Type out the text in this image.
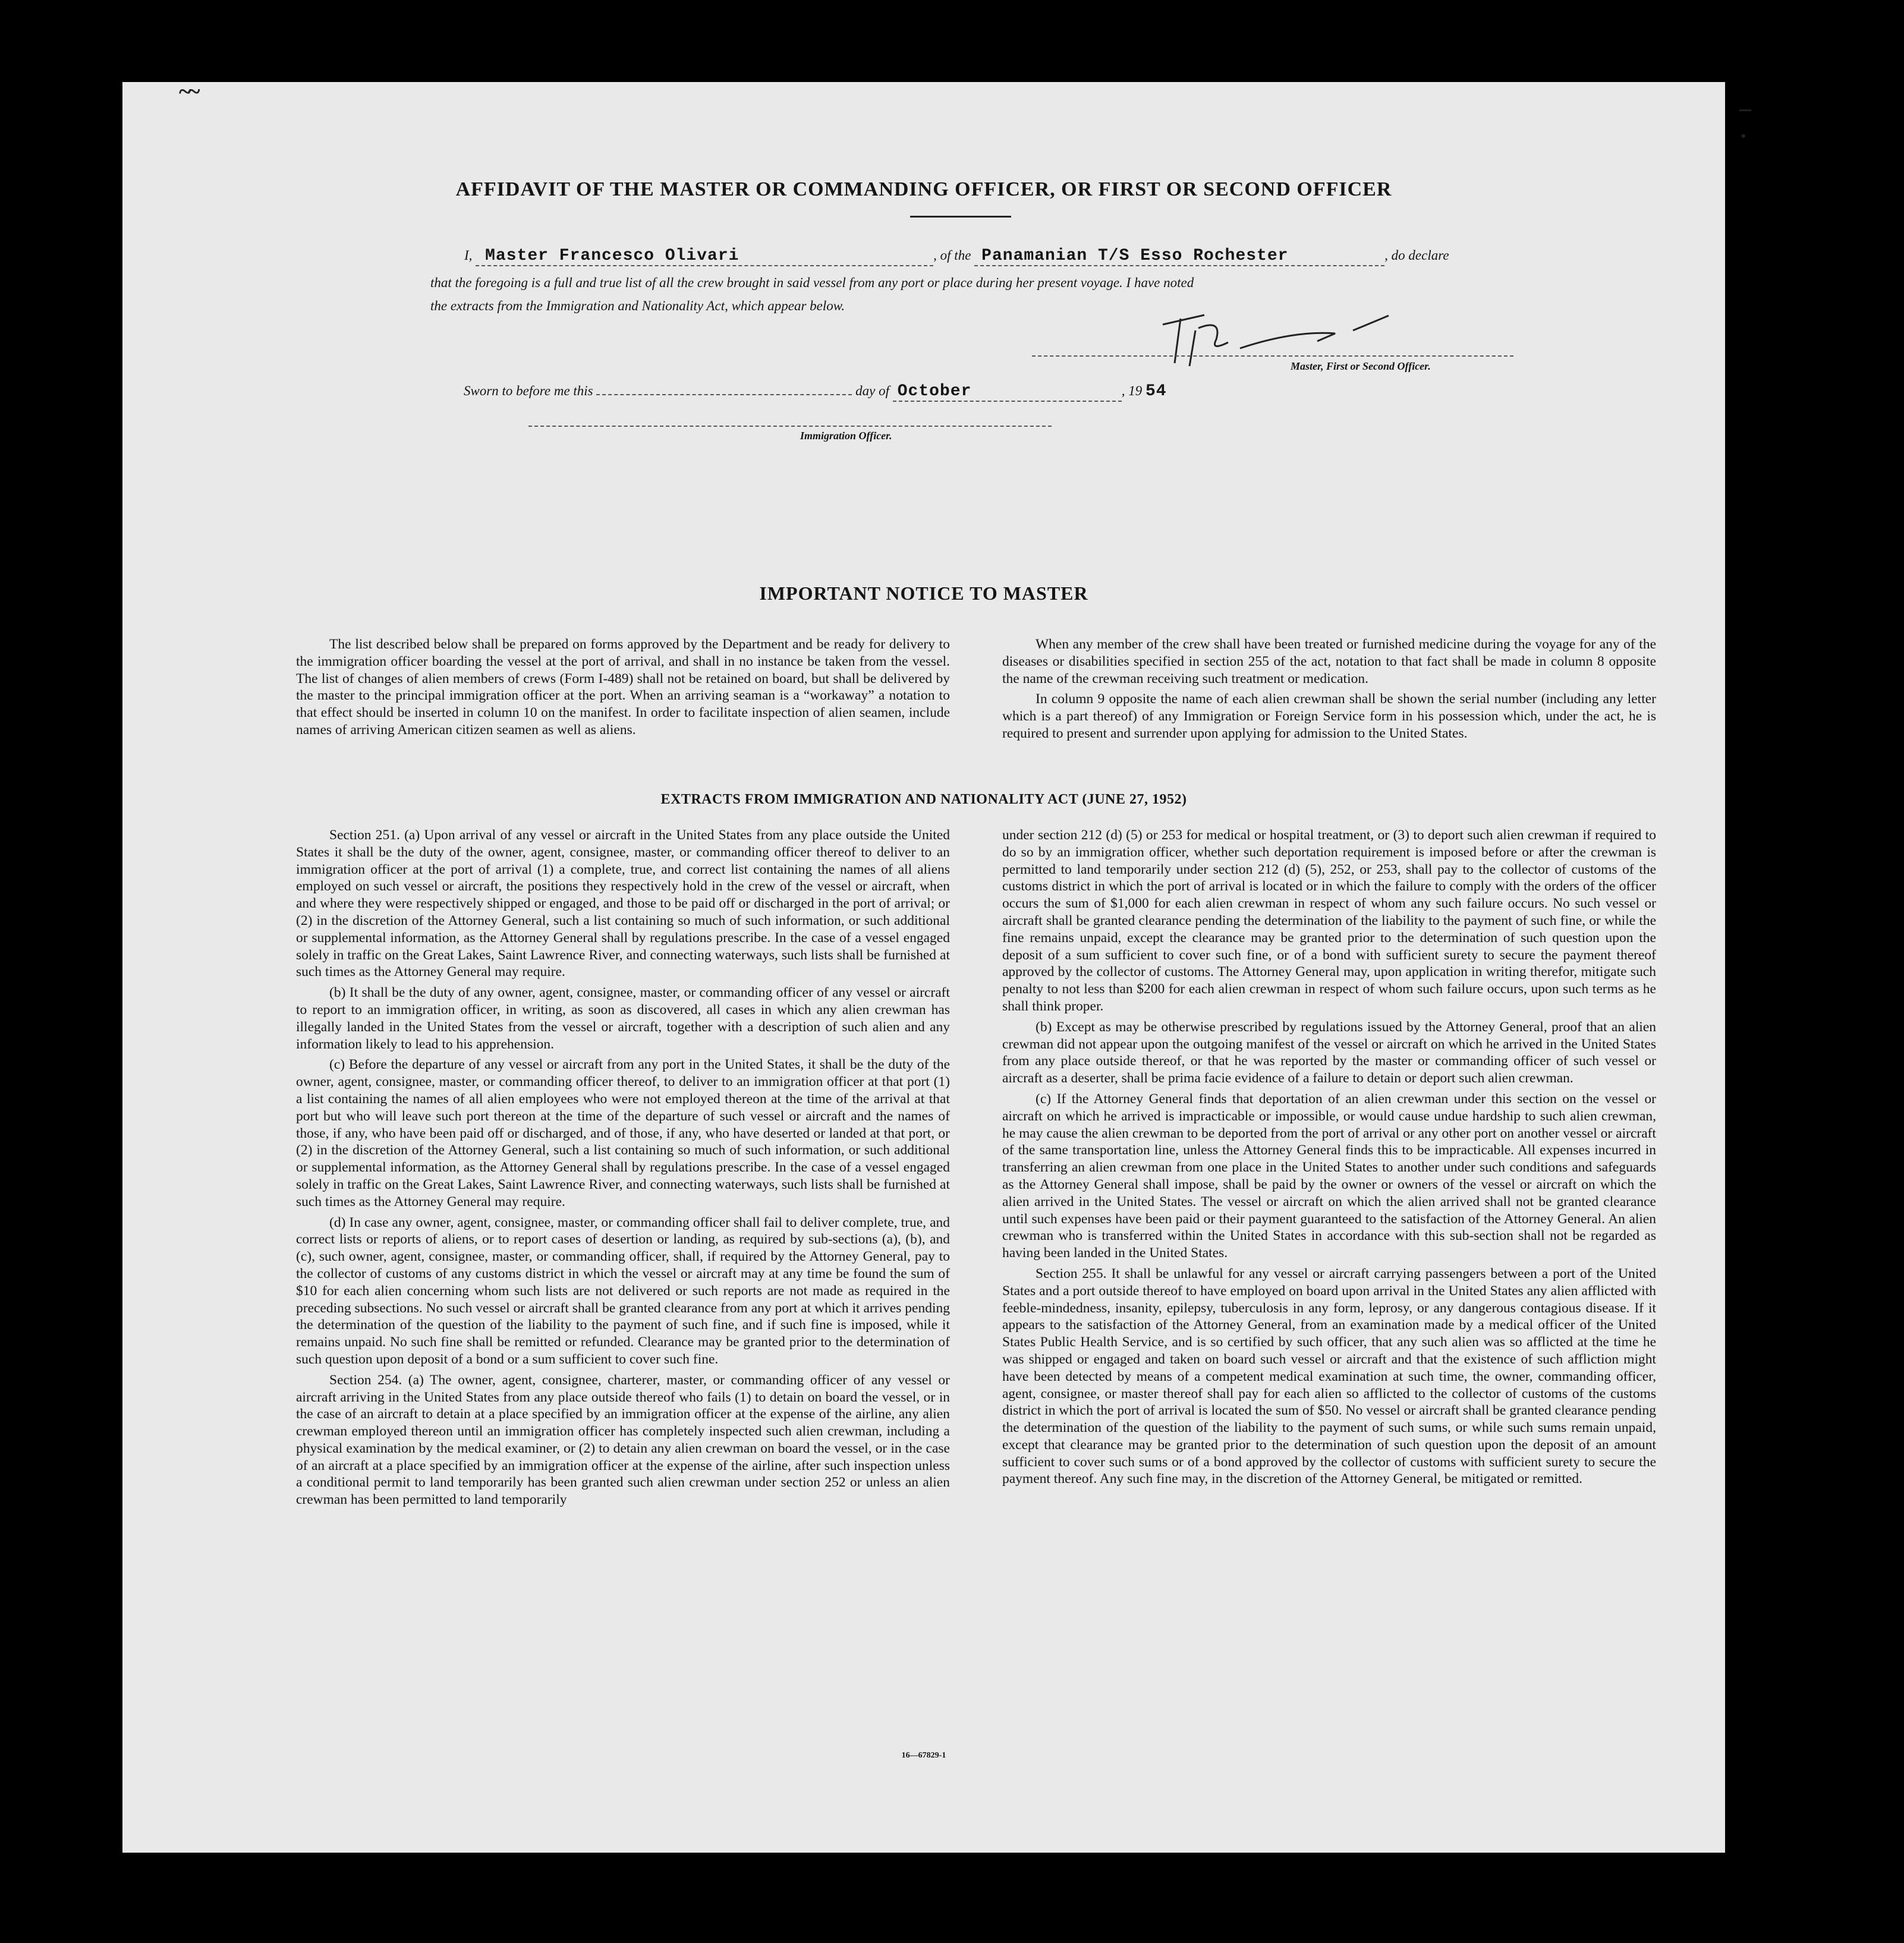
~~
–·
AFFIDAVIT OF THE MASTER OR COMMANDING OFFICER, OR FIRST OR SECOND OFFICER
I, Master Francesco Olivari	, of the Panamanian T/S Esso Rochester	, do declare
that the foregoing is a full and true list of all the crew brought in said vessel from any port or place during her present voyage. I have noted
the extracts from the Immigration and Nationality Act, which appear below.
Master, First or Second Officer.
Sworn to before me this	day of October	, 19 54
Immigration Officer.
IMPORTANT NOTICE TO MASTER

The list described below shall be prepared on forms approved by the Department and be ready for delivery to the immigration officer boarding the vessel at the port of arrival, and shall in no instance be taken from the vessel. The list of changes of alien members of crews (Form I-489) shall not be retained on board, but shall be delivered by the master to the principal immigration officer at the port. When an arriving seaman is a “workaway” a notation to that effect should be inserted in column 10 on the manifest. In order to facilitate inspection of alien seamen, include names of arriving American citizen seamen as well as aliens.

When any member of the crew shall have been treated or furnished medicine during the voyage for any of the diseases or disabilities specified in section 255 of the act, notation to that fact shall be made in column 8 opposite the name of the crewman receiving such treatment or medication.

In column 9 opposite the name of each alien crewman shall be shown the serial number (including any letter which is a part thereof) of any Immigration or Foreign Service form in his possession which, under the act, he is required to present and surrender upon applying for admission to the United States.

EXTRACTS FROM IMMIGRATION AND NATIONALITY ACT (JUNE 27, 1952)

Section 251. (a) Upon arrival of any vessel or aircraft in the United States from any place outside the United States it shall be the duty of the owner, agent, consignee, master, or commanding officer thereof to deliver to an immigration officer at the port of arrival (1) a complete, true, and correct list containing the names of all aliens employed on such vessel or aircraft, the positions they respectively hold in the crew of the vessel or aircraft, when and where they were respectively shipped or engaged, and those to be paid off or discharged in the port of arrival; or (2) in the discretion of the Attorney General, such a list containing so much of such information, or such additional or supplemental information, as the Attorney General shall by regulations prescribe. In the case of a vessel engaged solely in traffic on the Great Lakes, Saint Lawrence River, and connecting waterways, such lists shall be furnished at such times as the Attorney General may require.

(b) It shall be the duty of any owner, agent, consignee, master, or commanding officer of any vessel or aircraft to report to an immigration officer, in writing, as soon as discovered, all cases in which any alien crewman has illegally landed in the United States from the vessel or aircraft, together with a description of such alien and any information likely to lead to his apprehension.

(c) Before the departure of any vessel or aircraft from any port in the United States, it shall be the duty of the owner, agent, consignee, master, or commanding officer thereof, to deliver to an immigration officer at that port (1) a list containing the names of all alien employees who were not employed thereon at the time of the arrival at that port but who will leave such port thereon at the time of the departure of such vessel or aircraft and the names of those, if any, who have been paid off or discharged, and of those, if any, who have deserted or landed at that port, or (2) in the discretion of the Attorney General, such a list containing so much of such information, or such additional or supplemental information, as the Attorney General shall by regulations prescribe. In the case of a vessel engaged solely in traffic on the Great Lakes, Saint Lawrence River, and connecting waterways, such lists shall be furnished at such times as the Attorney General may require.

(d) In case any owner, agent, consignee, master, or commanding officer shall fail to deliver complete, true, and correct lists or reports of aliens, or to report cases of desertion or landing, as required by sub-sections (a), (b), and (c), such owner, agent, consignee, master, or commanding officer, shall, if required by the Attorney General, pay to the collector of customs of any customs district in which the vessel or aircraft may at any time be found the sum of $10 for each alien concerning whom such lists are not delivered or such reports are not made as required in the preceding subsections. No such vessel or aircraft shall be granted clearance from any port at which it arrives pending the determination of the question of the liability to the payment of such fine, and if such fine is imposed, while it remains unpaid. No such fine shall be remitted or refunded. Clearance may be granted prior to the determination of such question upon deposit of a bond or a sum sufficient to cover such fine.

Section 254. (a) The owner, agent, consignee, charterer, master, or commanding officer of any vessel or aircraft arriving in the United States from any place outside thereof who fails (1) to detain on board the vessel, or in the case of an aircraft to detain at a place specified by an immigration officer at the expense of the airline, any alien crewman employed thereon until an immigration officer has completely inspected such alien crewman, including a physical examination by the medical examiner, or (2) to detain any alien crewman on board the vessel, or in the case of an aircraft at a place specified by an immigration officer at the expense of the airline, after such inspection unless a conditional permit to land temporarily has been granted such alien crewman under section 252 or unless an alien crewman has been permitted to land temporarily

under section 212 (d) (5) or 253 for medical or hospital treatment, or (3) to deport such alien crewman if required to do so by an immigration officer, whether such deportation requirement is imposed before or after the crewman is permitted to land temporarily under section 212 (d) (5), 252, or 253, shall pay to the collector of customs of the customs district in which the port of arrival is located or in which the failure to comply with the orders of the officer occurs the sum of $1,000 for each alien crewman in respect of whom any such failure occurs. No such vessel or aircraft shall be granted clearance pending the determination of the liability to the payment of such fine, or while the fine remains unpaid, except the clearance may be granted prior to the determination of such question upon the deposit of a sum sufficient to cover such fine, or of a bond with sufficient surety to secure the payment thereof approved by the collector of customs. The Attorney General may, upon application in writing therefor, mitigate such penalty to not less than $200 for each alien crewman in respect of whom such failure occurs, upon such terms as he shall think proper.

(b) Except as may be otherwise prescribed by regulations issued by the Attorney General, proof that an alien crewman did not appear upon the outgoing manifest of the vessel or aircraft on which he arrived in the United States from any place outside thereof, or that he was reported by the master or commanding officer of such vessel or aircraft as a deserter, shall be prima facie evidence of a failure to detain or deport such alien crewman.

(c) If the Attorney General finds that deportation of an alien crewman under this section on the vessel or aircraft on which he arrived is impracticable or impossible, or would cause undue hardship to such alien crewman, he may cause the alien crewman to be deported from the port of arrival or any other port on another vessel or aircraft of the same transportation line, unless the Attorney General finds this to be impracticable. All expenses incurred in transferring an alien crewman from one place in the United States to another under such conditions and safeguards as the Attorney General shall impose, shall be paid by the owner or owners of the vessel or aircraft on which the alien arrived in the United States. The vessel or aircraft on which the alien arrived shall not be granted clearance until such expenses have been paid or their payment guaranteed to the satisfaction of the Attorney General. An alien crewman who is transferred within the United States in accordance with this sub-section shall not be regarded as having been landed in the United States.

Section 255. It shall be unlawful for any vessel or aircraft carrying passengers between a port of the United States and a port outside thereof to have employed on board upon arrival in the United States any alien afflicted with feeble-mindedness, insanity, epilepsy, tuberculosis in any form, leprosy, or any dangerous contagious disease. If it appears to the satisfaction of the Attorney General, from an examination made by a medical officer of the United States Public Health Service, and is so certified by such officer, that any such alien was so afflicted at the time he was shipped or engaged and taken on board such vessel or aircraft and that the existence of such affliction might have been detected by means of a competent medical examination at such time, the owner, commanding officer, agent, consignee, or master thereof shall pay for each alien so afflicted to the collector of customs of the customs district in which the port of arrival is located the sum of $50. No vessel or aircraft shall be granted clearance pending the determination of the question of the liability to the payment of such sums, or while such sums remain unpaid, except that clearance may be granted prior to the determination of such question upon the deposit of an amount sufficient to cover such sums or of a bond approved by the collector of customs with sufficient surety to secure the payment thereof. Any such fine may, in the discretion of the Attorney General, be mitigated or remitted.

16—67829-1
